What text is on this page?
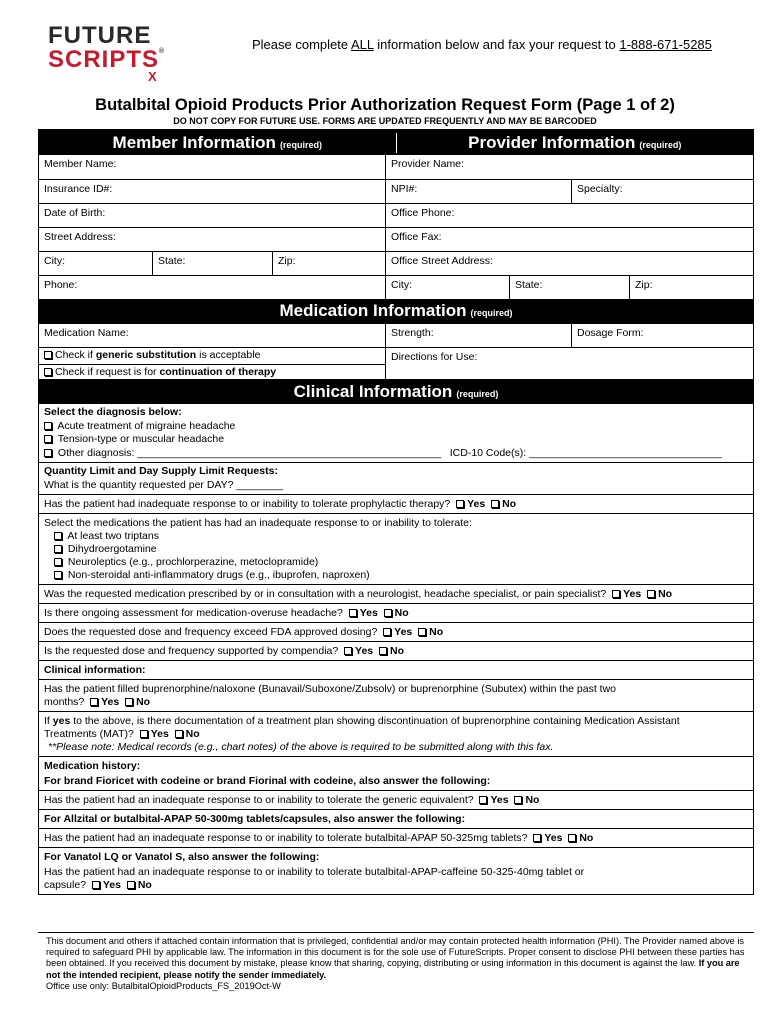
FUTURE
SCRIPTS®
X
Please complete ALL information below and fax your request to 1-888-671-5285
Butalbital Opioid Products Prior Authorization Request Form (Page 1 of 2)
DO NOT COPY FOR FUTURE USE. FORMS ARE UPDATED FREQUENTLY AND MAY BE BARCODED
Member Information (required)	Provider Information (required)
Member Name:	Provider Name:
Insurance ID#:	NPI#:	Specialty:
Date of Birth:	Office Phone:
Street Address:	Office Fax:
City:	State:	Zip:	Office Street Address:
Phone:	City:	State:	Zip:
Medication Information (required)
Medication Name:	Strength:	Dosage Form:
Check if generic substitution is acceptable
Check if request is for continuation of therapy
Directions for Use:
Clinical Information (required)
Select the diagnosis below:
Acute treatment of migraine headache
Tension-type or muscular headache
Other diagnosis: ____________________________________________________ ICD-10 Code(s): _________________________________
Quantity Limit and Day Supply Limit Requests:
What is the quantity requested per DAY? ________
Has the patient had inadequate response to or inability to tolerate prophylactic therapy? Yes No
Select the medications the patient has had an inadequate response to or inability to tolerate:
At least two triptans
Dihydroergotamine
Neuroleptics (e.g., prochlorperazine, metoclopramide)
Non-steroidal anti-inflammatory drugs (e.g., ibuprofen, naproxen)
Was the requested medication prescribed by or in consultation with a neurologist, headache specialist, or pain specialist? Yes No
Is there ongoing assessment for medication-overuse headache? Yes No
Does the requested dose and frequency exceed FDA approved dosing? Yes No
Is the requested dose and frequency supported by compendia? Yes No
Clinical information:
Has the patient filled buprenorphine/naloxone (Bunavail/Suboxone/Zubsolv) or buprenorphine (Subutex) within the past two
months? Yes No
If yes to the above, is there documentation of a treatment plan showing discontinuation of buprenorphine containing Medication Assistant
Treatments (MAT)? Yes No
**Please note: Medical records (e.g., chart notes) of the above is required to be submitted along with this fax.
Medication history:
For brand Fioricet with codeine or brand Fiorinal with codeine, also answer the following:
Has the patient had an inadequate response to or inability to tolerate the generic equivalent? Yes No
For Allzital or butalbital-APAP 50-300mg tablets/capsules, also answer the following:
Has the patient had an inadequate response to or inability to tolerate butalbital-APAP 50-325mg tablets? Yes No
For Vanatol LQ or Vanatol S, also answer the following:
Has the patient had an inadequate response to or inability to tolerate butalbital-APAP-caffeine 50-325-40mg tablet or
capsule? Yes No
This document and others if attached contain information that is privileged, confidential and/or may contain protected health information (PHI). The Provider named above is required to safeguard PHI by applicable law. The information in this document is for the sole use of FutureScripts. Proper consent to disclose PHI between these parties has been obtained. If you received this document by mistake, please know that sharing, copying, distributing or using information in this document is against the law. If you are not the intended recipient, please notify the sender immediately.
Office use only: ButalbitalOpioidProducts_FS_2019Oct-W
